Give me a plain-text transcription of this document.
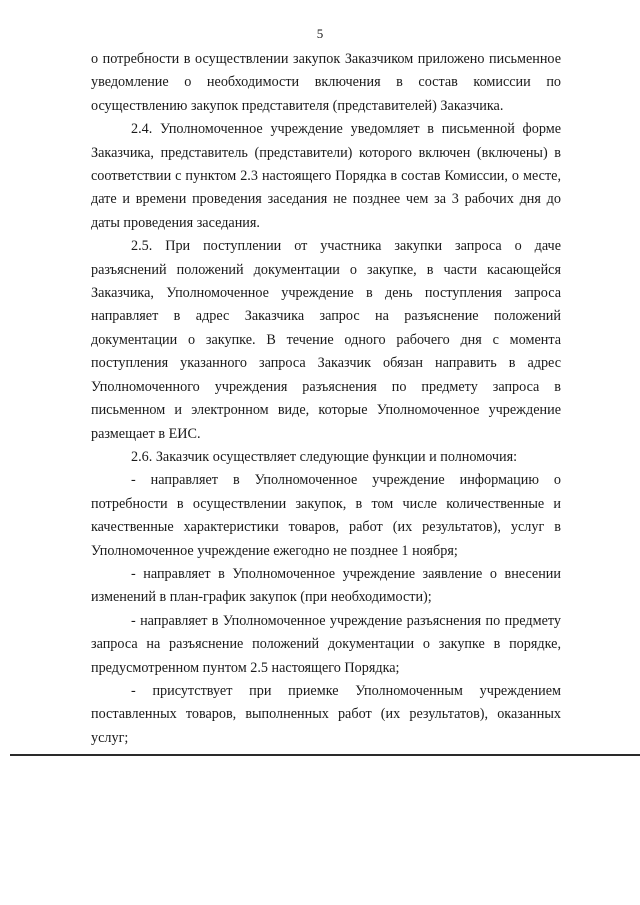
5

о потребности в осуществлении закупок Заказчиком приложено письменное уведомление о необходимости включения в состав комиссии по осуществлению закупок представителя (представителей) Заказчика.

2.4. Уполномоченное учреждение уведомляет в письменной форме Заказчика, представитель (представители) которого включен (включены) в соответствии с пунктом 2.3 настоящего Порядка в состав Комиссии, о месте, дате и времени проведения заседания не позднее чем за 3 рабочих дня до даты проведения заседания.

2.5. При поступлении от участника закупки запроса о даче разъяснений положений документации о закупке, в части касающейся Заказчика, Уполномоченное учреждение в день поступления запроса направляет в адрес Заказчика запрос на разъяснение положений документации о закупке. В течение одного рабочего дня с момента поступления указанного запроса Заказчик обязан направить в адрес Уполномоченного учреждения разъяснения по предмету запроса в письменном и электронном виде, которые Уполномоченное учреждение размещает в ЕИС.

2.6. Заказчик осуществляет следующие функции и полномочия:

- направляет в Уполномоченное учреждение информацию о потребности в осуществлении закупок, в том числе количественные и качественные характеристики товаров, работ (их результатов), услуг в Уполномоченное учреждение ежегодно не позднее 1 ноября;

- направляет в Уполномоченное учреждение заявление о внесении изменений в план-график закупок (при необходимости);

- направляет в Уполномоченное учреждение разъяснения по предмету запроса на разъяснение положений документации о закупке в порядке, предусмотренном пунтом 2.5 настоящего Порядка;

- присутствует при приемке Уполномоченным учреждением поставленных товаров, выполненных работ (их результатов), оказанных услуг;
